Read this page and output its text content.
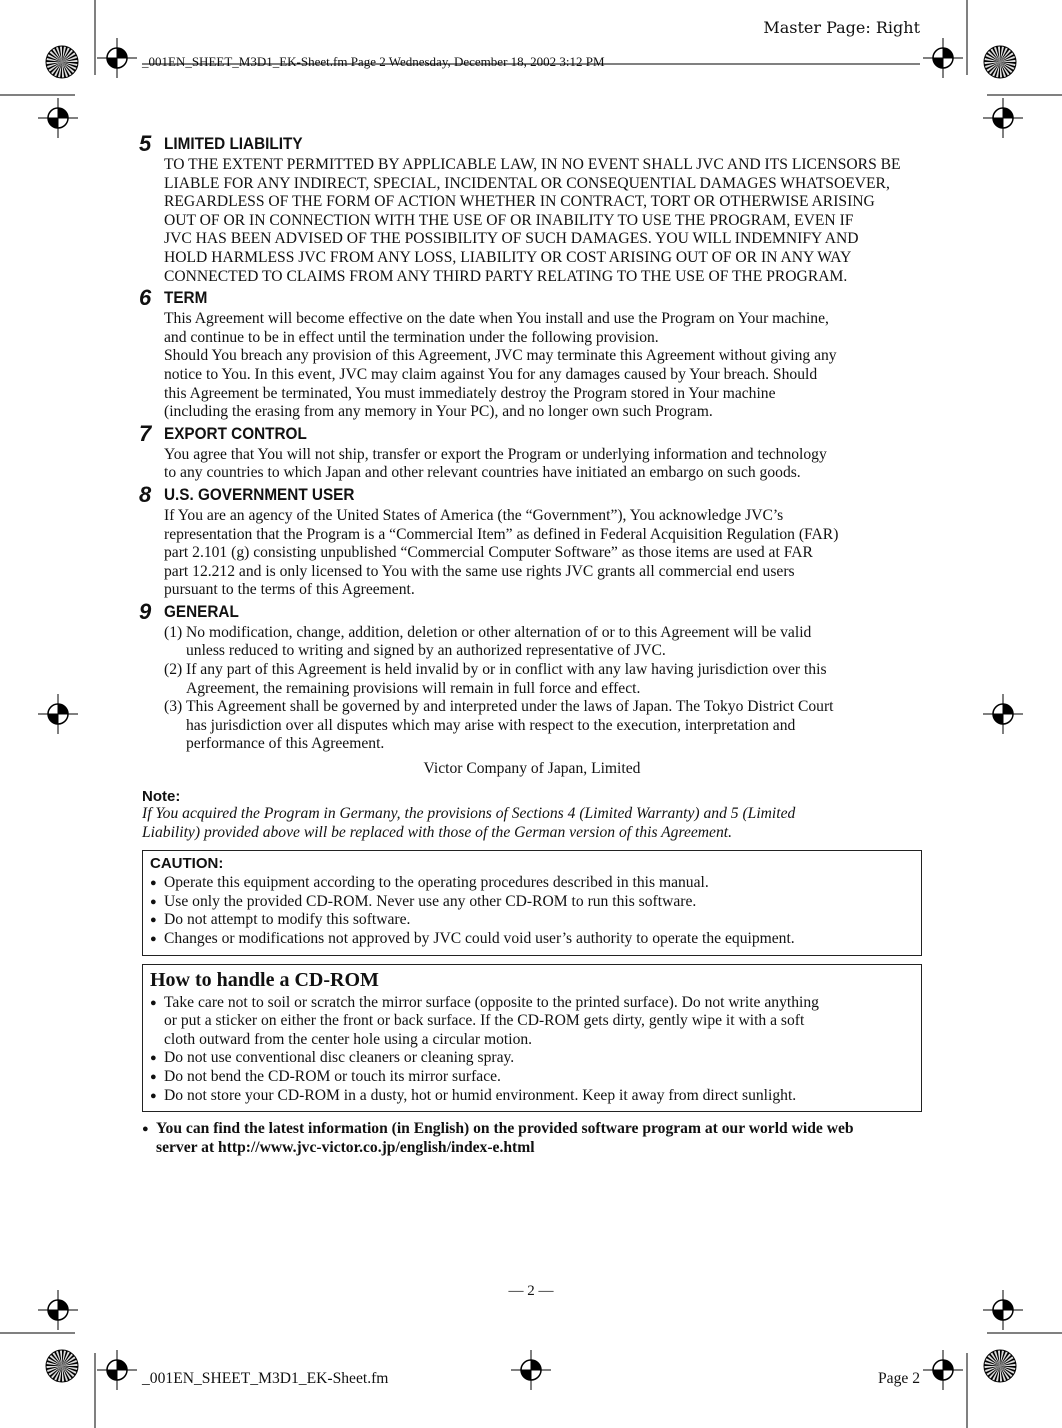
Master Page: Right
_001EN_SHEET_M3D1_EK-Sheet.fm Page 2 Wednesday, December 18, 2002 3:12 PM
5 LIMITED LIABILITY
TO THE EXTENT PERMITTED BY APPLICABLE LAW, IN NO EVENT SHALL JVC AND ITS LICENSORS BE
LIABLE FOR ANY INDIRECT, SPECIAL, INCIDENTAL OR CONSEQUENTIAL DAMAGES WHATSOEVER,
REGARDLESS OF THE FORM OF ACTION WHETHER IN CONTRACT, TORT OR OTHERWISE ARISING
OUT OF OR IN CONNECTION WITH THE USE OF OR INABILITY TO USE THE PROGRAM, EVEN IF
JVC HAS BEEN ADVISED OF THE POSSIBILITY OF SUCH DAMAGES. YOU WILL INDEMNIFY AND
HOLD HARMLESS JVC FROM ANY LOSS, LIABILITY OR COST ARISING OUT OF OR IN ANY WAY
CONNECTED TO CLAIMS FROM ANY THIRD PARTY RELATING TO THE USE OF THE PROGRAM.
6 TERM
This Agreement will become effective on the date when You install and use the Program on Your machine,
and continue to be in effect until the termination under the following provision.
Should You breach any provision of this Agreement, JVC may terminate this Agreement without giving any
notice to You. In this event, JVC may claim against You for any damages caused by Your breach. Should
this Agreement be terminated, You must immediately destroy the Program stored in Your machine
(including the erasing from any memory in Your PC), and no longer own such Program.
7 EXPORT CONTROL
You agree that You will not ship, transfer or export the Program or underlying information and technology
to any countries to which Japan and other relevant countries have initiated an embargo on such goods.
8 U.S. GOVERNMENT USER
If You are an agency of the United States of America (the “Government”), You acknowledge JVC’s
representation that the Program is a “Commercial Item” as defined in Federal Acquisition Regulation (FAR)
part 2.101 (g) consisting unpublished “Commercial Computer Software” as those items are used at FAR
part 12.212 and is only licensed to You with the same use rights JVC grants all commercial end users
pursuant to the terms of this Agreement.
9 GENERAL
(1) No modification, change, addition, deletion or other alternation of or to this Agreement will be valid
unless reduced to writing and signed by an authorized representative of JVC.
(2) If any part of this Agreement is held invalid by or in conflict with any law having jurisdiction over this
Agreement, the remaining provisions will remain in full force and effect.
(3) This Agreement shall be governed by and interpreted under the laws of Japan. The Tokyo District Court
has jurisdiction over all disputes which may arise with respect to the execution, interpretation and
performance of this Agreement.
Victor Company of Japan, Limited
Note:
If You acquired the Program in Germany, the provisions of Sections 4 (Limited Warranty) and 5 (Limited
Liability) provided above will be replaced with those of the German version of this Agreement.
CAUTION:
● Operate this equipment according to the operating procedures described in this manual.
● Use only the provided CD-ROM. Never use any other CD-ROM to run this software.
● Do not attempt to modify this software.
● Changes or modifications not approved by JVC could void user’s authority to operate the equipment.
How to handle a CD-ROM
● Take care not to soil or scratch the mirror surface (opposite to the printed surface). Do not write anything
or put a sticker on either the front or back surface. If the CD-ROM gets dirty, gently wipe it with a soft
cloth outward from the center hole using a circular motion.
● Do not use conventional disc cleaners or cleaning spray.
● Do not bend the CD-ROM or touch its mirror surface.
● Do not store your CD-ROM in a dusty, hot or humid environment. Keep it away from direct sunlight.
● You can find the latest information (in English) on the provided software program at our world wide web
server at http://www.jvc-victor.co.jp/english/index-e.html
— 2 —
_001EN_SHEET_M3D1_EK-Sheet.fm	Page 2
